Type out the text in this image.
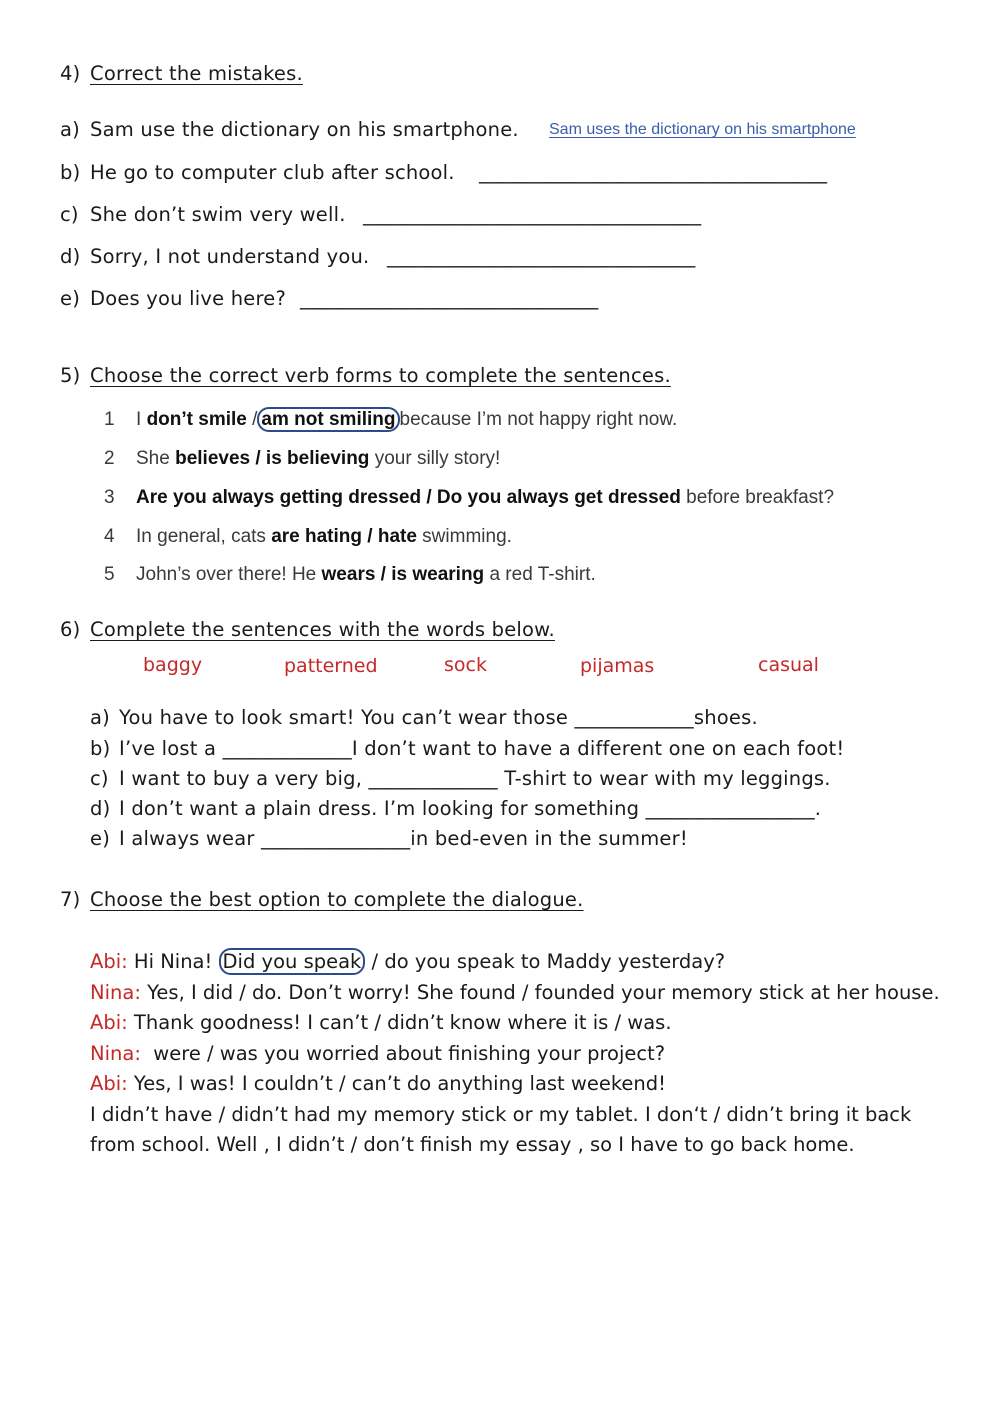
4) Correct the mistakes.
a) Sam use the dictionary on his smartphone. Sam uses the dictionary on his smartphone
b) He go to computer club after school. ___________________________________
c) She don’t swim very well. __________________________________
d) Sorry, I not understand you. _______________________________
e) Does you live here? ______________________________
5) Choose the correct verb forms to complete the sentences.
1 I don’t smile / am not smiling because I’m not happy right now.
2 She believes / is believing your silly story!
3 Are you always getting dressed / Do you always get dressed before breakfast?
4 In general, cats are hating / hate swimming.
5 John’s over there! He wears / is wearing a red T-shirt.
6) Complete the sentences with the words below.
baggy	patterned	sock	pijamas	casual
a) You have to look smart! You can’t wear those ____________shoes.
b) I’ve lost a _____________I don’t want to have a different one on each foot!
c) I want to buy a very big, _____________ T-shirt to wear with my leggings.
d) I don’t want a plain dress. I’m looking for something _________________.
e) I always wear _______________in bed-even in the summer!
7) Choose the best option to complete the dialogue.
Abi: Hi Nina! Did you speak / do you speak to Maddy yesterday?
Nina: Yes, I did / do. Don’t worry! She found / founded your memory stick at her house.
Abi: Thank goodness! I can’t / didn’t know where it is / was.
Nina:  were / was you worried about finishing your project?
Abi: Yes, I was! I couldn’t / can’t do anything last weekend!
I didn’t have / didn’t had my memory stick or my tablet. I don‘t / didn’t bring it back from school. Well , I didn’t / don’t finish my essay , so I have to go back home.
